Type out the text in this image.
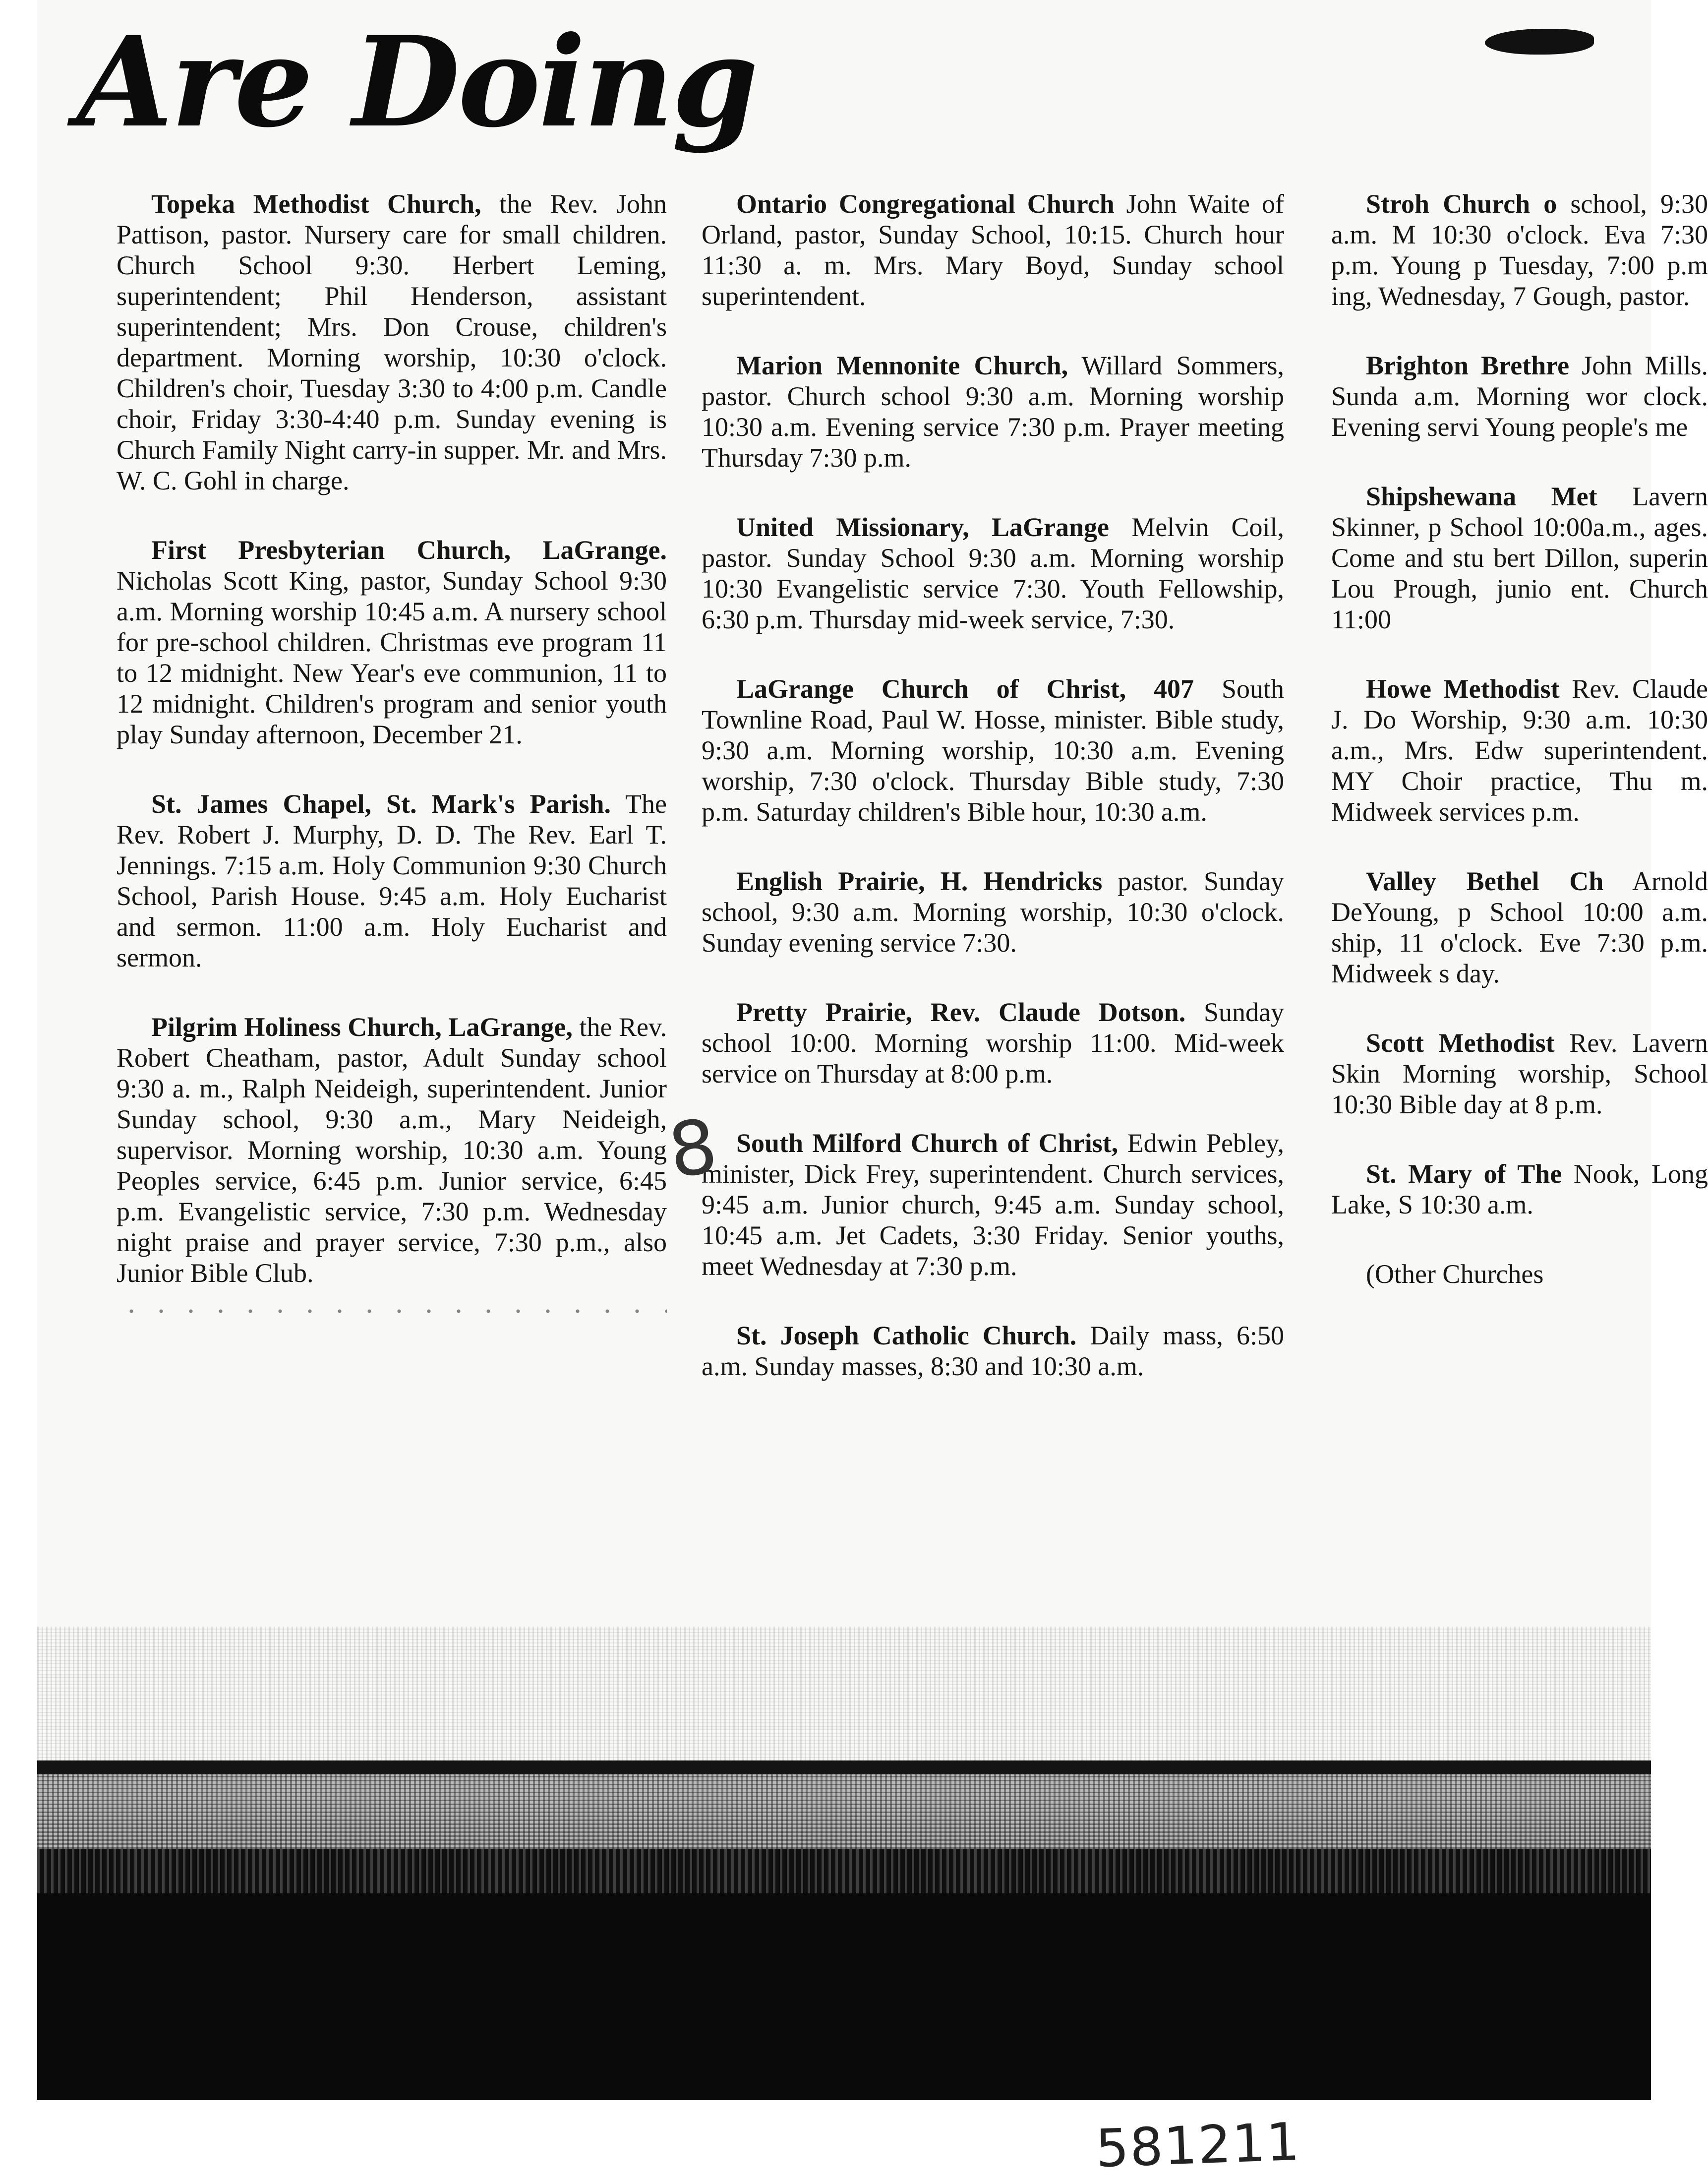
Are Doing

Topeka Methodist Church, the Rev. John Pattison, pastor. Nursery care for small children. Church School 9:30. Herbert Leming, superintendent; Phil Henderson, assistant superintendent; Mrs. Don Crouse, children's department. Morning worship, 10:30 o'clock. Children's choir, Tuesday 3:30 to 4:00 p.m. Candle choir, Friday 3:30-4:40 p.m. Sunday evening is Church Family Night carry-in supper. Mr. and Mrs. W. C. Gohl in charge.

First Presbyterian Church, LaGrange. Nicholas Scott King, pastor, Sunday School 9:30 a.m. Morning worship 10:45 a.m. A nursery school for pre-school children. Christmas eve program 11 to 12 midnight. New Year's eve communion, 11 to 12 midnight. Children's program and senior youth play Sunday afternoon, December 21.

St. James Chapel, St. Mark's Parish. The Rev. Robert J. Murphy, D. D. The Rev. Earl T. Jennings. 7:15 a.m. Holy Communion 9:30 Church School, Parish House. 9:45 a.m. Holy Eucharist and sermon. 11:00 a.m. Holy Eucharist and sermon.

Pilgrim Holiness Church, LaGrange, the Rev. Robert Cheatham, pastor, Adult Sunday school 9:30 a. m., Ralph Neideigh, superintendent. Junior Sunday school, 9:30 a.m., Mary Neideigh, supervisor. Morning worship, 10:30 a.m. Young Peoples service, 6:45 p.m. Junior service, 6:45 p.m. Evangelistic service, 7:30 p.m. Wednesday night praise and prayer service, 7:30 p.m., also Junior Bible Club.

Ontario Congregational Church John Waite of Orland, pastor, Sunday School, 10:15. Church hour 11:30 a. m. Mrs. Mary Boyd, Sunday school superintendent.

Marion Mennonite Church, Willard Sommers, pastor. Church school 9:30 a.m. Morning worship 10:30 a.m. Evening service 7:30 p.m. Prayer meeting Thursday 7:30 p.m.

United Missionary, LaGrange Melvin Coil, pastor. Sunday School 9:30 a.m. Morning worship 10:30 Evangelistic service 7:30. Youth Fellowship, 6:30 p.m. Thursday mid-week service, 7:30.

LaGrange Church of Christ, 407 South Townline Road, Paul W. Hosse, minister. Bible study, 9:30 a.m. Morning worship, 10:30 a.m. Evening worship, 7:30 o'clock. Thursday Bible study, 7:30 p.m. Saturday children's Bible hour, 10:30 a.m.

English Prairie, H. Hendricks pastor. Sunday school, 9:30 a.m. Morning worship, 10:30 o'clock. Sunday evening service 7:30.

Pretty Prairie, Rev. Claude Dotson. Sunday school 10:00. Morning worship 11:00. Mid-week service on Thursday at 8:00 p.m.

South Milford Church of Christ, Edwin Pebley, minister, Dick Frey, superintendent. Church services, 9:45 a.m. Junior church, 9:45 a.m. Sunday school, 10:45 a.m. Jet Cadets, 3:30 Friday. Senior youths, meet Wednesday at 7:30 p.m.

St. Joseph Catholic Church. Daily mass, 6:50 a.m. Sunday masses, 8:30 and 10:30 a.m.

Stroh Church o school, 9:30 a.m. M 10:30 o'clock. Eva 7:30 p.m. Young p Tuesday, 7:00 p.m ing, Wednesday, 7 Gough, pastor.

Brighton Brethre John Mills. Sunda a.m. Morning wor clock. Evening servi Young people's me

Shipshewana Met Lavern Skinner, p School 10:00a.m., ages. Come and stu bert Dillon, superin Lou Prough, junio ent. Church 11:00

Howe Methodist Rev. Claude J. Do Worship, 9:30 a.m. 10:30 a.m., Mrs. Edw superintendent. MY Choir practice, Thu m. Midweek services p.m.

Valley Bethel Ch Arnold DeYoung, p School 10:00 a.m. ship, 11 o'clock. Eve 7:30 p.m. Midweek s day.

Scott Methodist Rev. Lavern Skin Morning worship, School 10:30 Bible day at 8 p.m.

St. Mary of The Nook, Long Lake, S 10:30 a.m.

(Other Churches

8

581211
